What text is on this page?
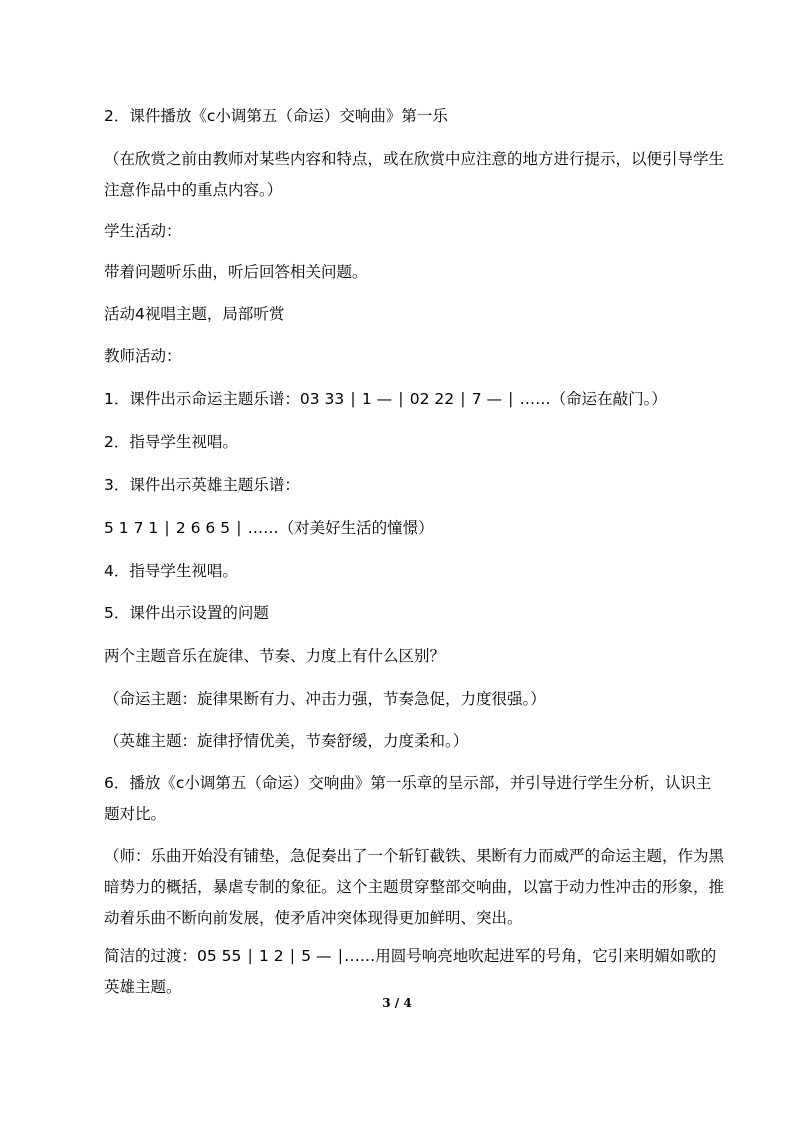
2．课件播放《c小调第五（命运）交响曲》第一乐

（在欣赏之前由教师对某些内容和特点，或在欣赏中应注意的地方进行提示，以便引导学生注意作品中的重点内容。）

学生活动：

带着问题听乐曲，听后回答相关问题。

活动4视唱主题，局部听赏

教师活动：

1．课件出示命运主题乐谱：03 33 ∣ 1 — ∣ 02 22 ∣ 7 — ∣ ……（命运在敲门。）

2．指导学生视唱。

3．课件出示英雄主题乐谱：

5 1 7 1 ∣ 2 6 6 5 ∣ ……（对美好生活的憧憬）

4．指导学生视唱。

5．课件出示设置的问题

两个主题音乐在旋律、节奏、力度上有什么区别？

（命运主题：旋律果断有力、冲击力强，节奏急促，力度很强。）

（英雄主题：旋律抒情优美，节奏舒缓，力度柔和。）

6．播放《c小调第五（命运）交响曲》第一乐章的呈示部，并引导进行学生分析，认识主题对比。

（师：乐曲开始没有铺垫，急促奏出了一个斩钉截铁、果断有力而威严的命运主题，作为黑暗势力的概括，暴虐专制的象征。这个主题贯穿整部交响曲，以富于动力性冲击的形象，推动着乐曲不断向前发展，使矛盾冲突体现得更加鲜明、突出。

简洁的过渡：05 55 ∣ 1 2 ∣ 5 — ∣……用圆号响亮地吹起进军的号角，它引来明媚如歌的英雄主题。

3 / 4
